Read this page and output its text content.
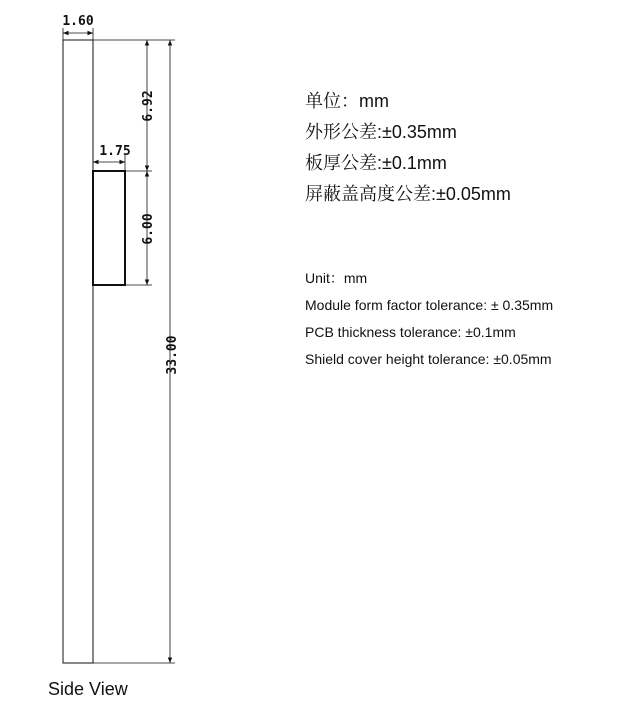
1.60
1.75
6.92
6.00
33.00
单位：mm
外形公差:±0.35mm
板厚公差:±0.1mm
屏蔽盖高度公差:±0.05mm
Unit：mm
Module form factor tolerance: ± 0.35mm
PCB thickness tolerance: ±0.1mm
Shield cover height tolerance: ±0.05mm
Side View
